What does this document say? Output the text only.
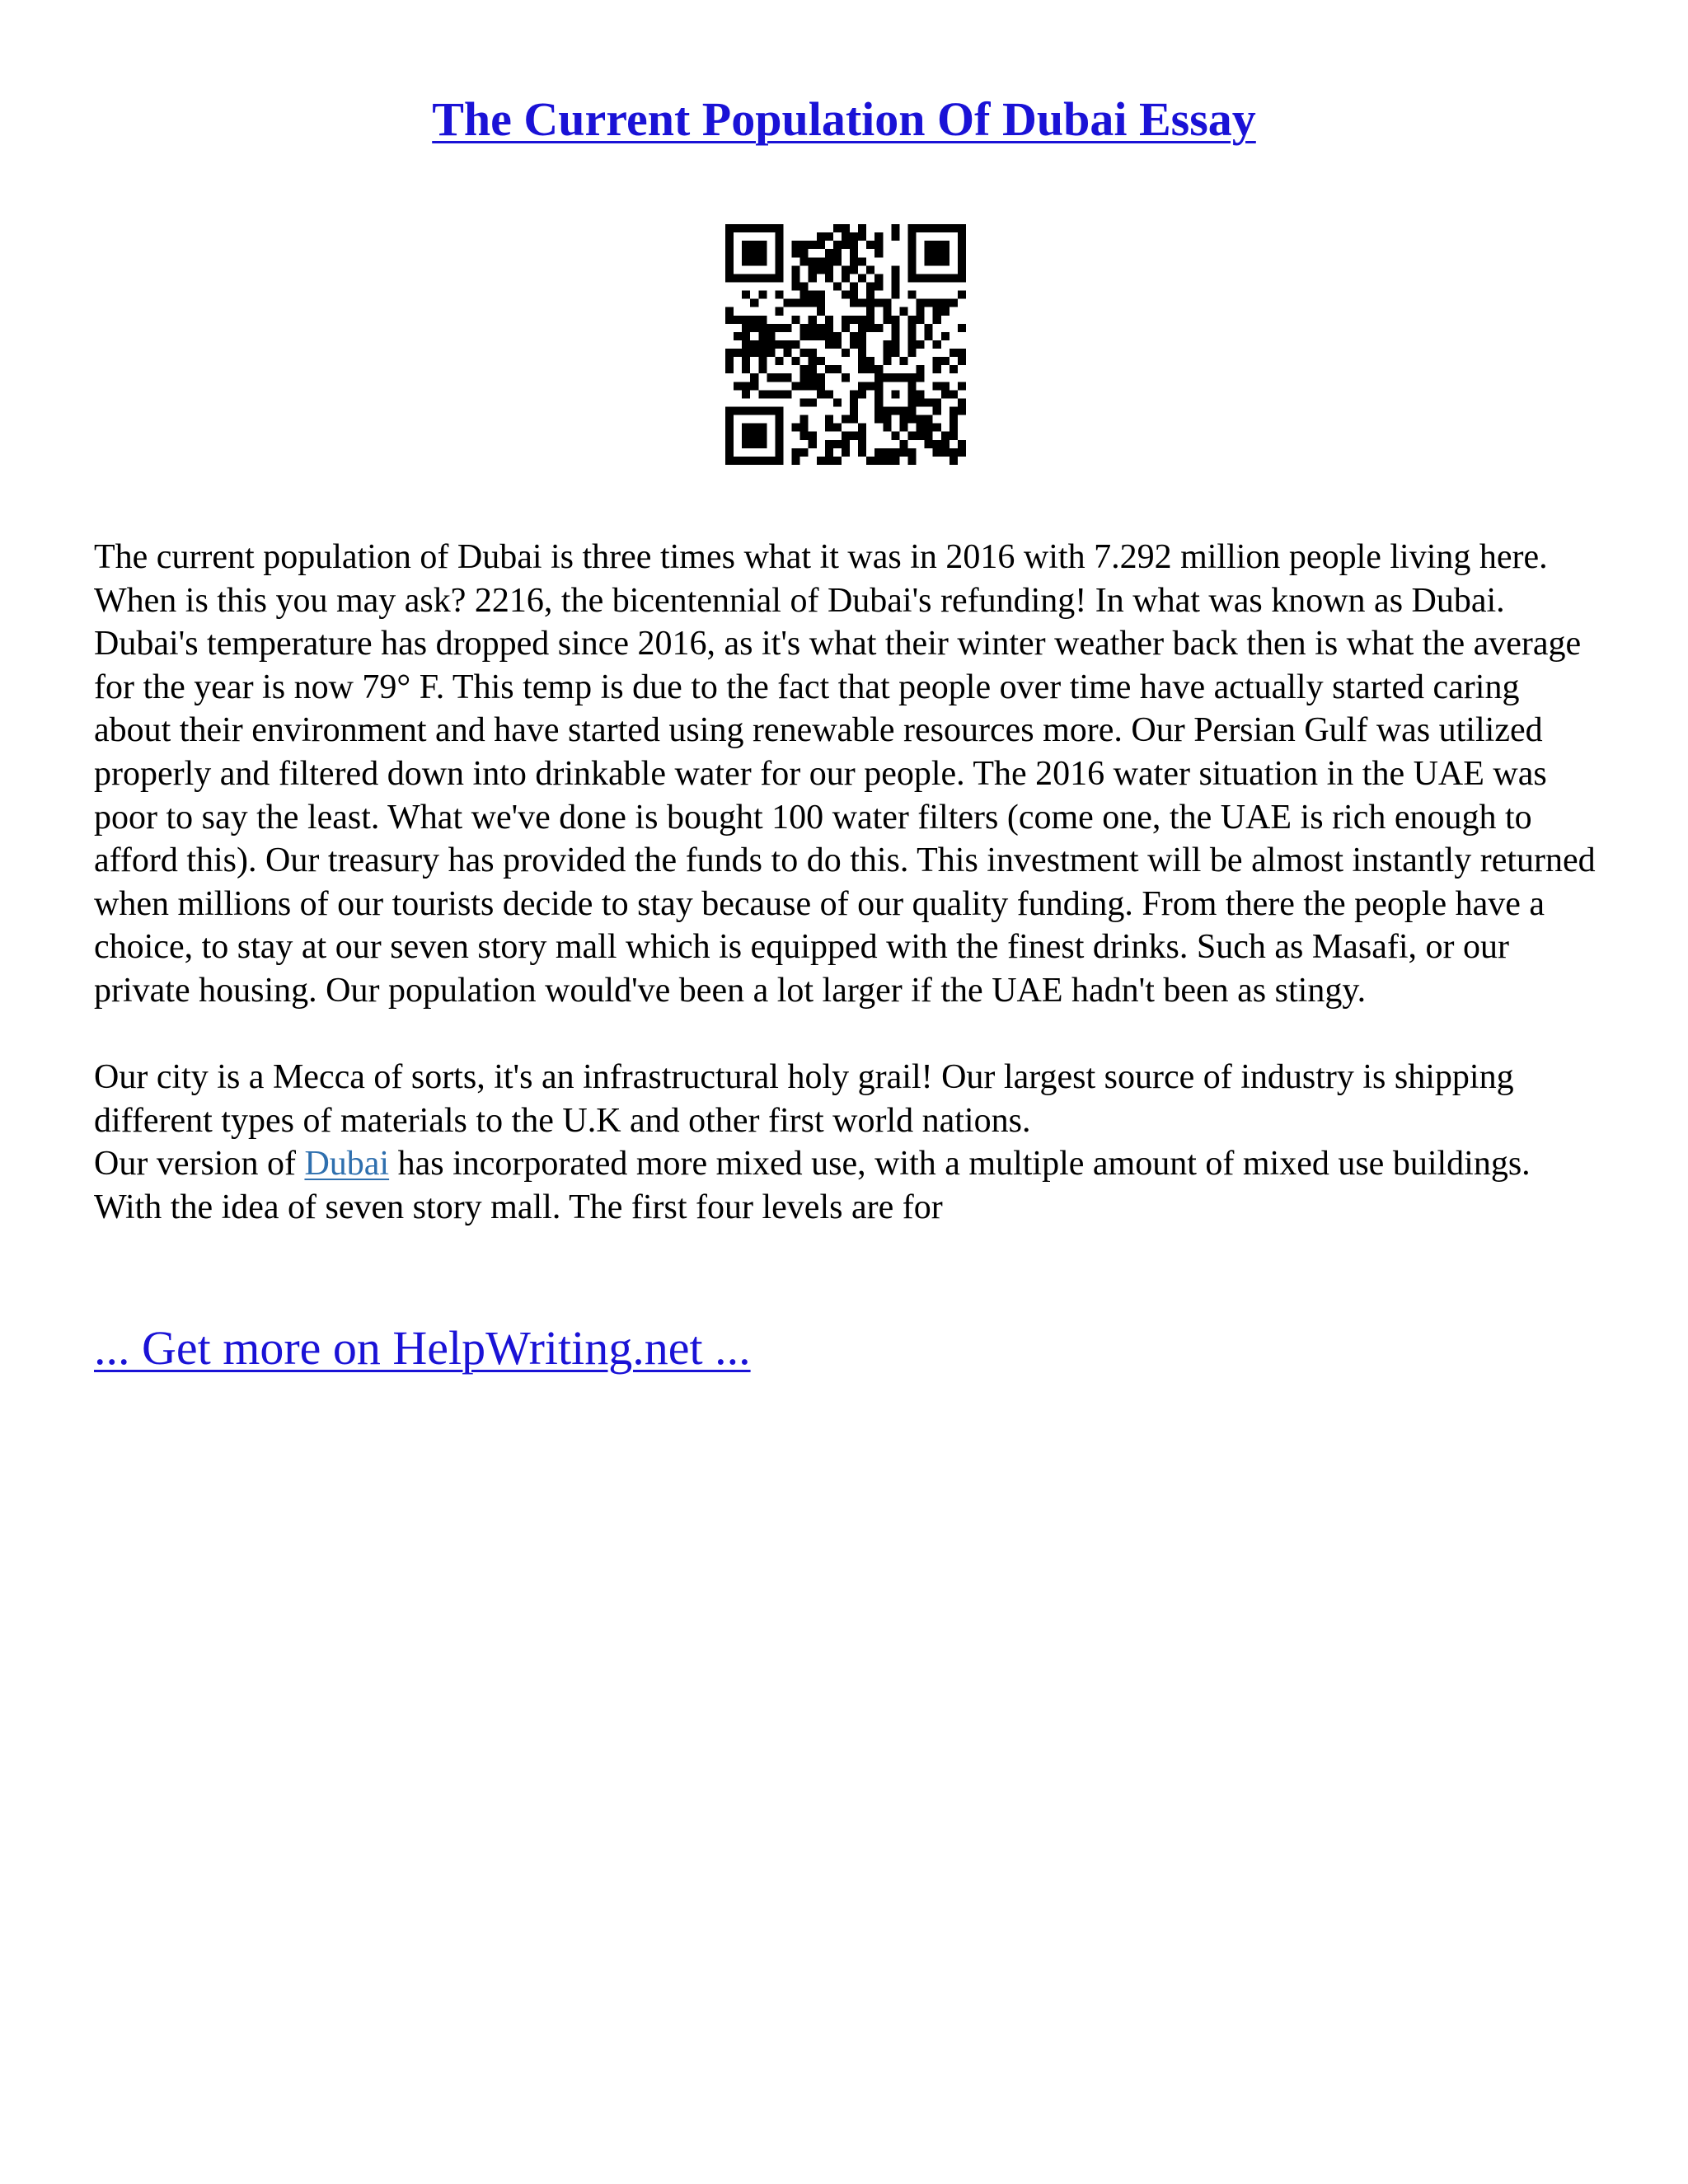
The Current Population Of Dubai Essay

The current population of Dubai is three times what it was in 2016 with 7.292 million people living here. When is this you may ask? 2216, the bicentennial of Dubai's refunding! In what was known as Dubai. Dubai's temperature has dropped since 2016, as it's what their winter weather back then is what the average for the year is now 79° F. This temp is due to the fact that people over time have actually started caring about their environment and have started using renewable resources more. Our Persian Gulf was utilized properly and filtered down into drinkable water for our people. The 2016 water situation in the UAE was poor to say the least. What we've done is bought 100 water filters (come one, the UAE is rich enough to afford this). Our treasury has provided the funds to do this. This investment will be almost instantly returned when millions of our tourists decide to stay because of our quality funding. From there the people have a choice, to stay at our seven story mall which is equipped with the finest drinks. Such as Masafi, or our private housing. Our population would've been a lot larger if the UAE hadn't been as stingy.

Our city is a Mecca of sorts, it's an infrastructural holy grail! Our largest source of industry is shipping different types of materials to the U.K and other first world nations.

Our version of Dubai has incorporated more mixed use, with a multiple amount of mixed use buildings. With the idea of seven story mall. The first four levels are for

... Get more on HelpWriting.net ...
